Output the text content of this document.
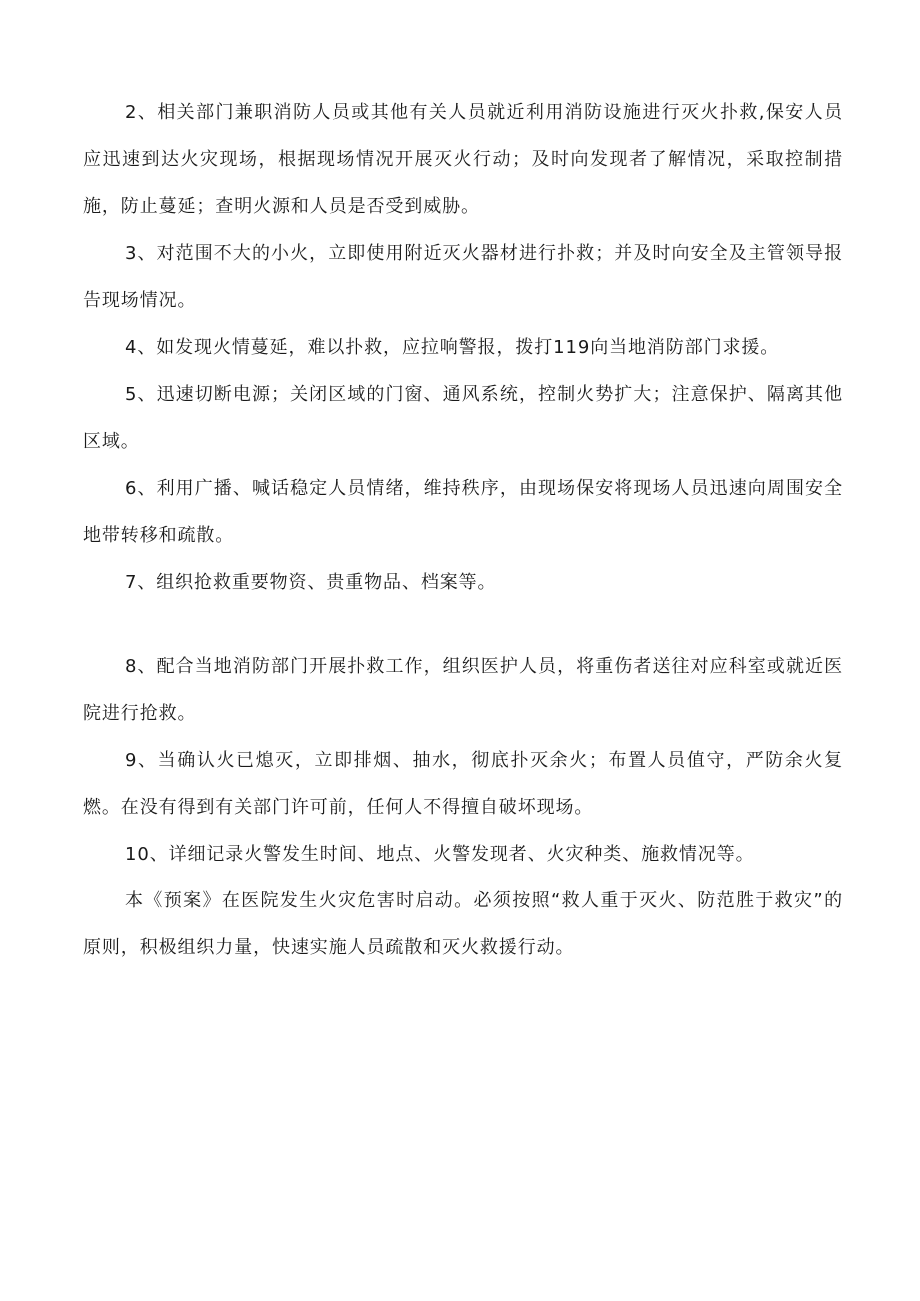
2、相关部门兼职消防人员或其他有关人员就近利用消防设施进行灭火扑救,保安人员应迅速到达火灾现场，根据现场情况开展灭火行动；及时向发现者了解情况，采取控制措施，防止蔓延；查明火源和人员是否受到威胁。

3、对范围不大的小火，立即使用附近灭火器材进行扑救；并及时向安全及主管领导报告现场情况。

4、如发现火情蔓延，难以扑救，应拉响警报，拨打119向当地消防部门求援。

5、迅速切断电源；关闭区域的门窗、通风系统，控制火势扩大；注意保护、隔离其他区域。

6、利用广播、喊话稳定人员情绪，维持秩序，由现场保安将现场人员迅速向周围安全地带转移和疏散。

7、组织抢救重要物资、贵重物品、档案等。

8、配合当地消防部门开展扑救工作，组织医护人员，将重伤者送往对应科室或就近医院进行抢救。

9、当确认火已熄灭，立即排烟、抽水，彻底扑灭余火；布置人员值守，严防余火复燃。在没有得到有关部门许可前，任何人不得擅自破坏现场。

10、详细记录火警发生时间、地点、火警发现者、火灾种类、施救情况等。

本《预案》在医院发生火灾危害时启动。必须按照“救人重于灭火、防范胜于救灾”的原则，积极组织力量，快速实施人员疏散和灭火救援行动。
